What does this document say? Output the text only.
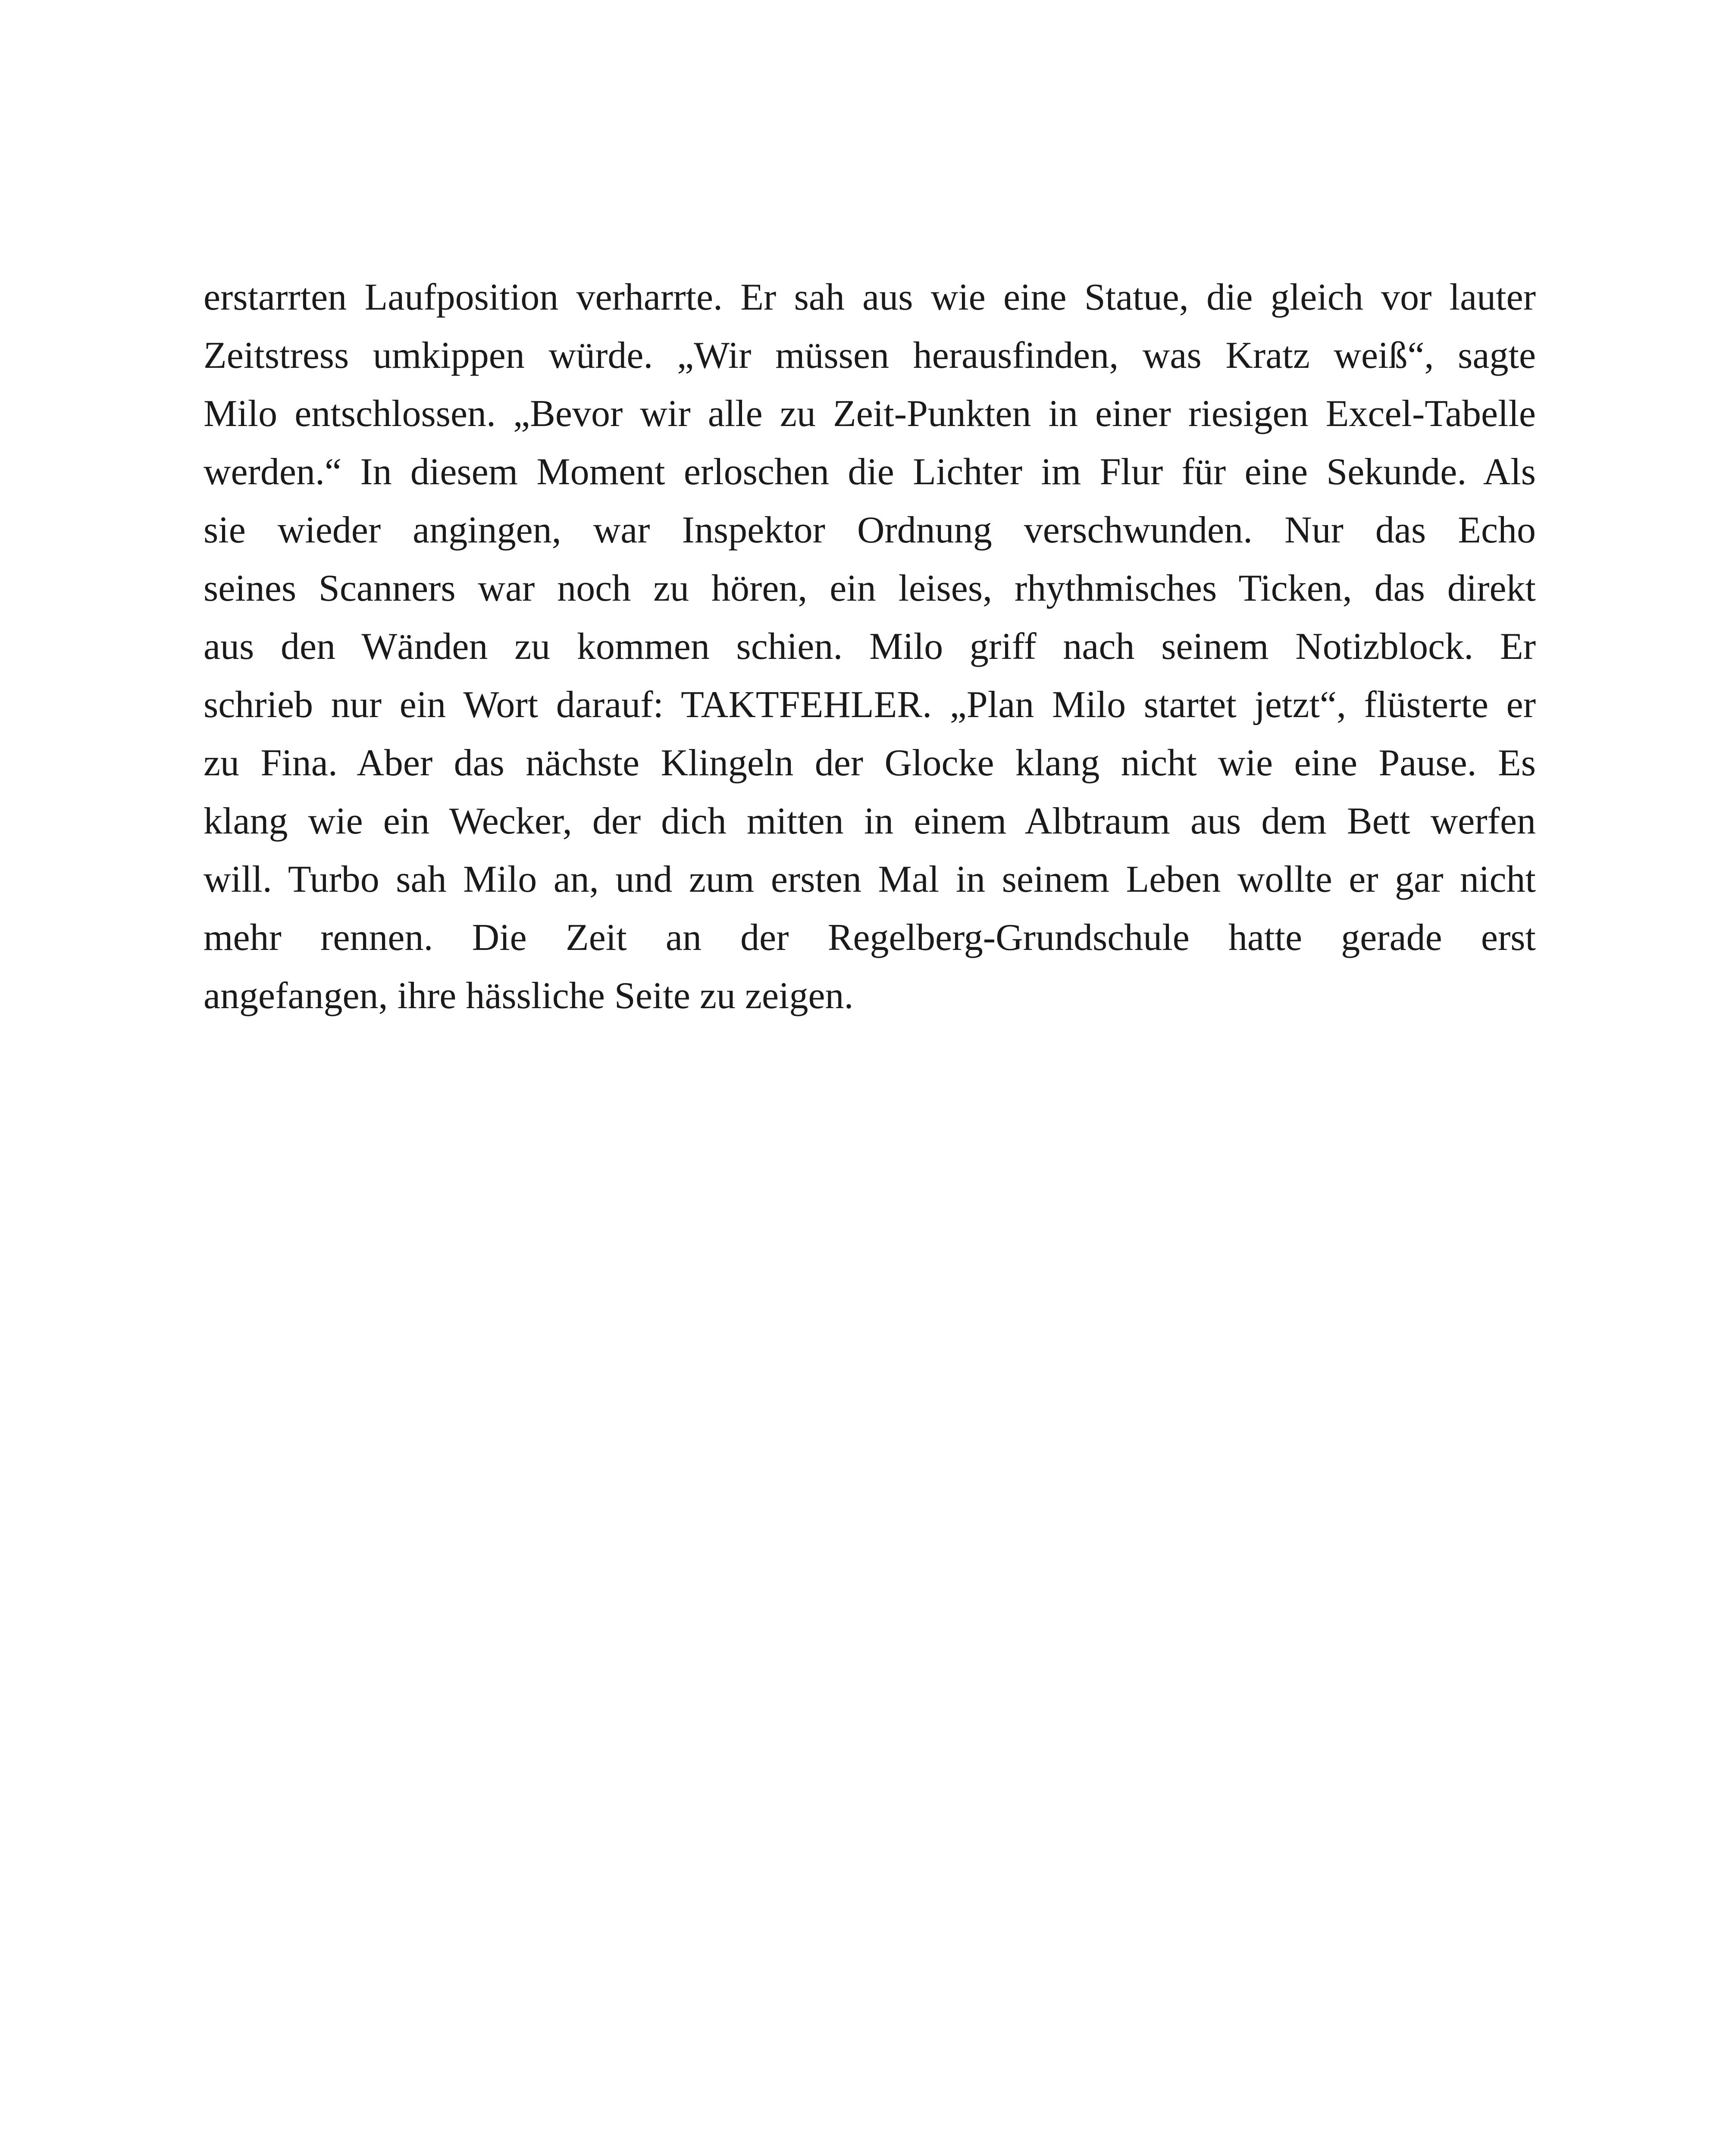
erstarrten Laufposition verharrte. Er sah aus wie eine Statue, die gleich vor lauter
Zeitstress umkippen würde. „Wir müssen herausfinden, was Kratz weiß“, sagte
Milo entschlossen. „Bevor wir alle zu Zeit-Punkten in einer riesigen Excel-Tabelle
werden.“ In diesem Moment erloschen die Lichter im Flur für eine Sekunde. Als
sie wieder angingen, war Inspektor Ordnung verschwunden. Nur das Echo
seines Scanners war noch zu hören, ein leises, rhythmisches Ticken, das direkt
aus den Wänden zu kommen schien. Milo griff nach seinem Notizblock. Er
schrieb nur ein Wort darauf: TAKTFEHLER. „Plan Milo startet jetzt“, flüsterte er
zu Fina. Aber das nächste Klingeln der Glocke klang nicht wie eine Pause. Es
klang wie ein Wecker, der dich mitten in einem Albtraum aus dem Bett werfen
will. Turbo sah Milo an, und zum ersten Mal in seinem Leben wollte er gar nicht
mehr rennen. Die Zeit an der Regelberg-Grundschule hatte gerade erst
angefangen, ihre hässliche Seite zu zeigen.
